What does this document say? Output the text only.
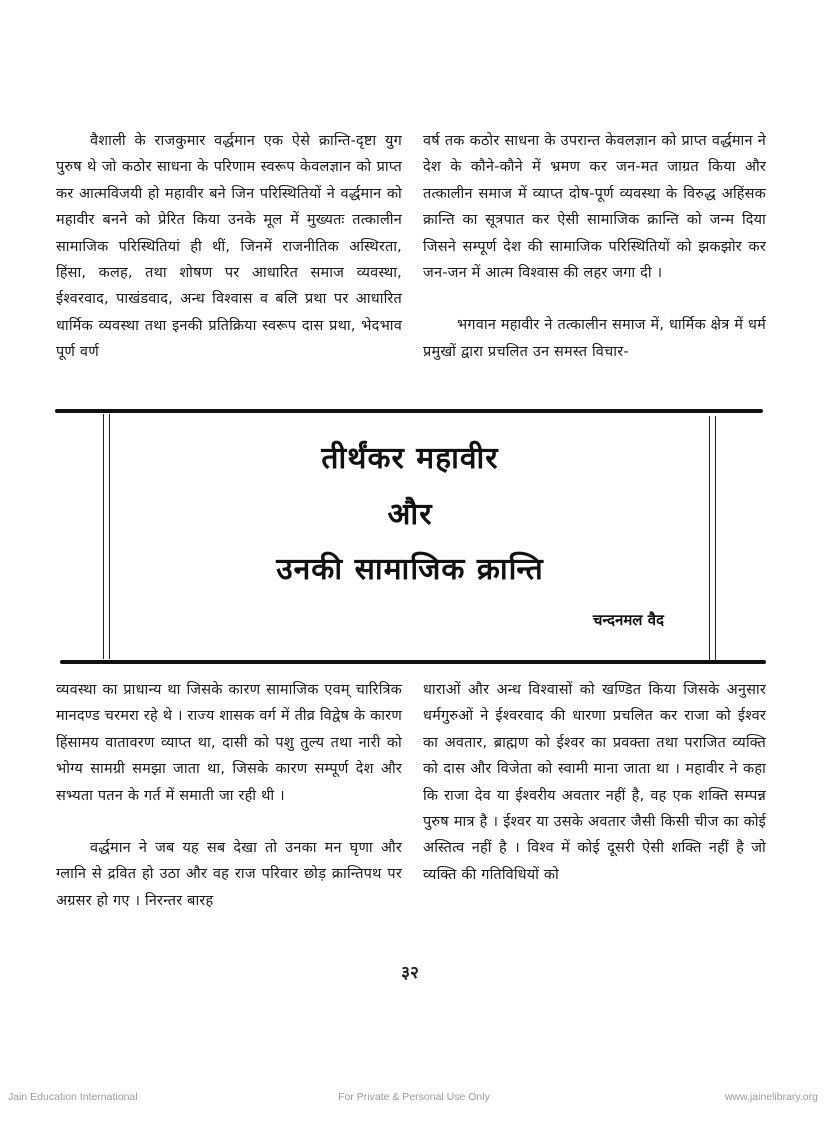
वैशाली के राजकुमार वर्द्धमान एक ऐसे क्रान्ति-दृष्टा युग पुरुष थे जो कठोर साधना के परिणाम स्वरूप केवलज्ञान को प्राप्त कर आत्मविजयी हो महावीर बने जिन परिस्थितियों ने वर्द्धमान को महावीर बनने को प्रेरित किया उनके मूल में मुख्यतः तत्कालीन सामाजिक परिस्थितियां ही थीं, जिनमें राजनीतिक अस्थिरता, हिंसा, कलह, तथा शोषण पर आधारित समाज व्यवस्था, ईश्वरवाद, पाखंडवाद, अन्ध विश्वास व बलि प्रथा पर आधारित धार्मिक व्यवस्था तथा इनकी प्रतिक्रिया स्वरूप दास प्रथा, भेदभाव पूर्ण वर्ण

वर्ष तक कठोर साधना के उपरान्त केवलज्ञान को प्राप्त वर्द्धमान ने देश के कौने-कौने में भ्रमण कर जन-मत जाग्रत किया और तत्कालीन समाज में व्याप्त दोष-पूर्ण व्यवस्था के विरुद्ध अहिंसक क्रान्ति का सूत्रपात कर ऐसी सामाजिक क्रान्ति को जन्म दिया जिसने सम्पूर्ण देश की सामाजिक परिस्थितियों को झकझोर कर जन-जन में आत्म विश्वास की लहर जगा दी ।

भगवान महावीर ने तत्कालीन समाज में, धार्मिक क्षेत्र में धर्म प्रमुखों द्वारा प्रचलित उन समस्त विचार-

तीर्थंकर महावीर
और
उनकी सामाजिक क्रान्ति
चन्दनमल वैद

व्यवस्था का प्राधान्य था जिसके कारण सामाजिक एवम् चारित्रिक मानदण्ड चरमरा रहे थे । राज्य शासक वर्ग में तीव्र विद्वेष के कारण हिंसामय वातावरण व्याप्त था, दासी को पशु तुल्य तथा नारी को भोग्य सामग्री समझा जाता था, जिसके कारण सम्पूर्ण देश और सभ्यता पतन के गर्त में समाती जा रही थी ।

वर्द्धमान ने जब यह सब देखा तो उनका मन घृणा और ग्लानि से द्रवित हो उठा और वह राज परिवार छोड़ क्रान्तिपथ पर अग्रसर हो गए । निरन्तर बारह

धाराओं और अन्ध विश्वासों को खण्डित किया जिसके अनुसार धर्मगुरुओं ने ईश्वरवाद की धारणा प्रचलित कर राजा को ईश्वर का अवतार, ब्राह्मण को ईश्वर का प्रवक्ता तथा पराजित व्यक्ति को दास और विजेता को स्वामी माना जाता था । महावीर ने कहा कि राजा देव या ईश्वरीय अवतार नहीं है, वह एक शक्ति सम्पन्न पुरुष मात्र है । ईश्वर या उसके अवतार जैसी किसी चीज का कोई अस्तित्व नहीं है । विश्व में कोई दूसरी ऐसी शक्ति नहीं है जो व्यक्ति की गतिविधियों को

३२
Jain Education International	For Private & Personal Use Only	www.jainelibrary.org
